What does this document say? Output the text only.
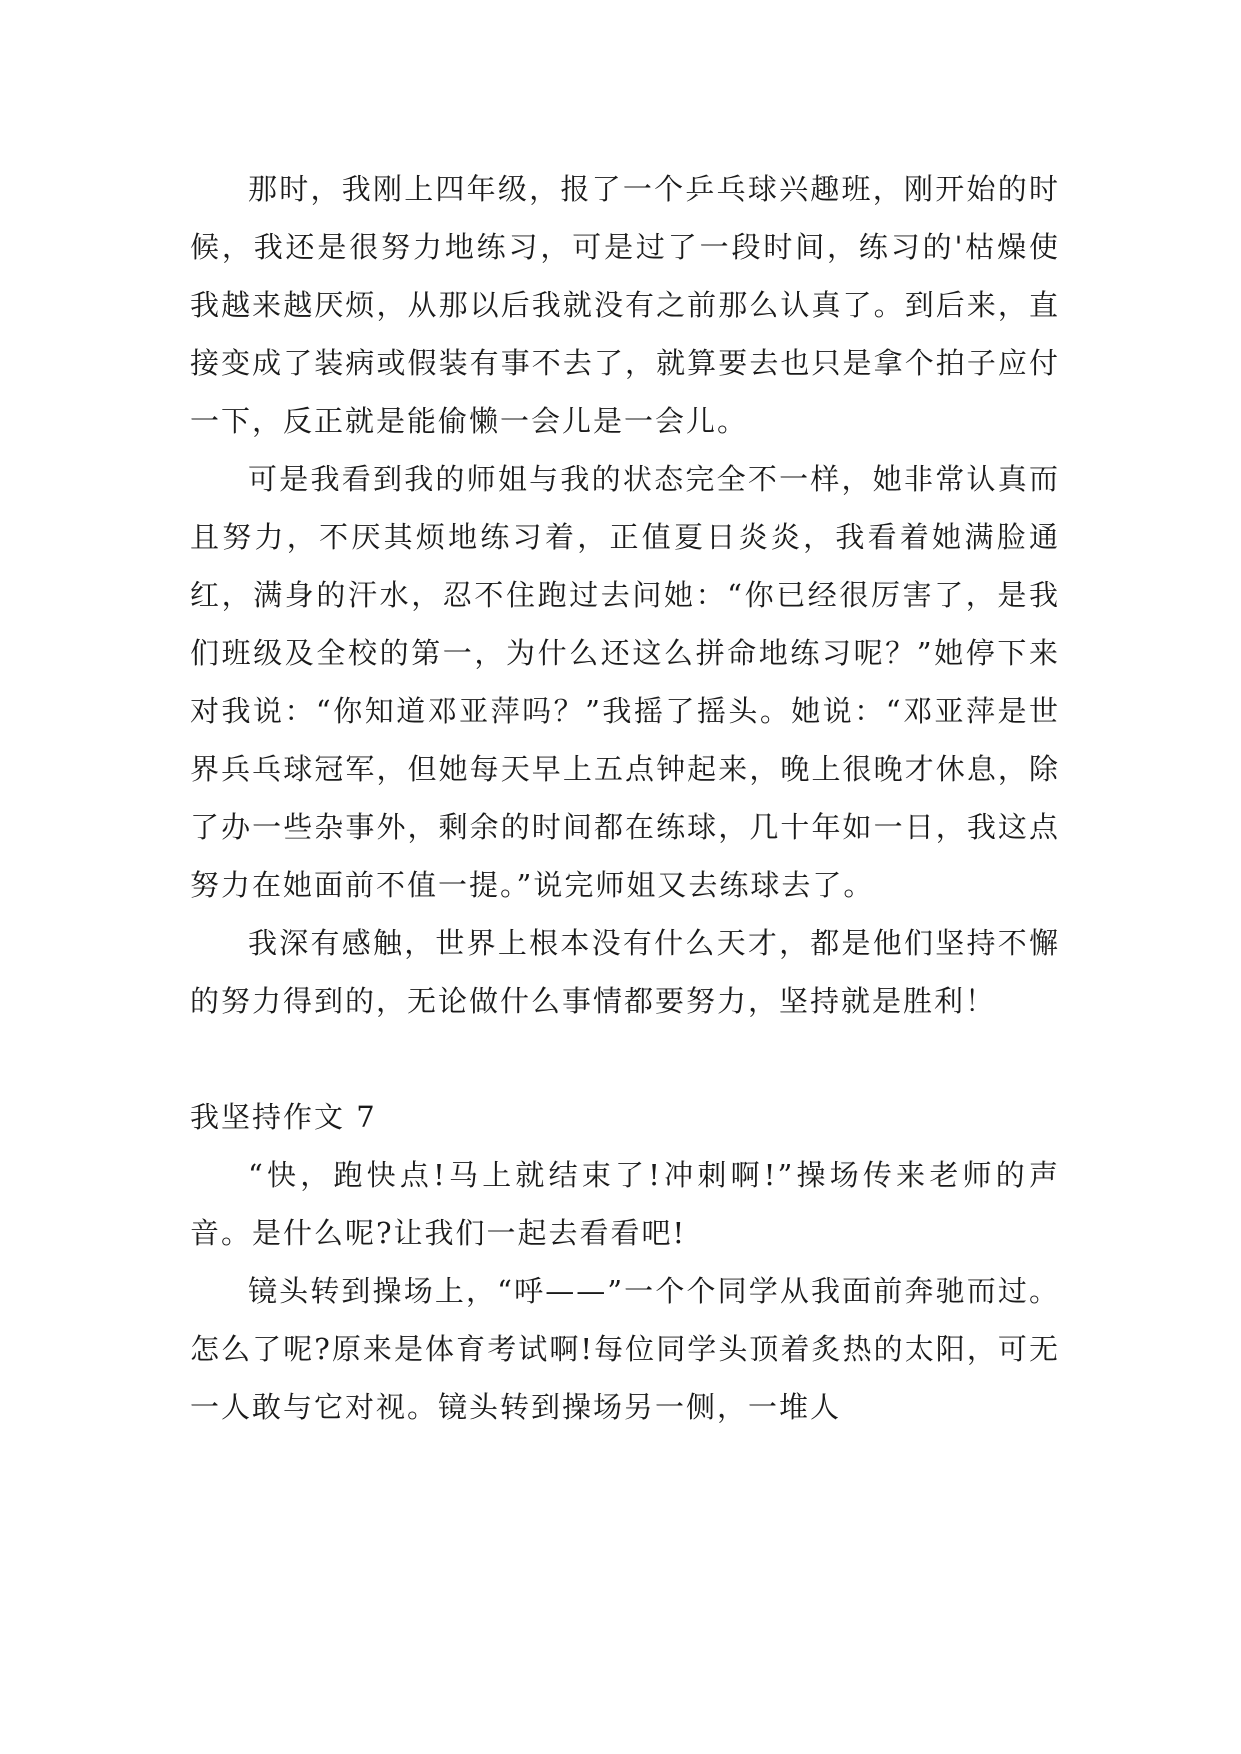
那时，我刚上四年级，报了一个乒乓球兴趣班，刚开始的时候，我还是很努力地练习，可是过了一段时间，练习的'枯燥使我越来越厌烦，从那以后我就没有之前那么认真了。到后来，直接变成了装病或假装有事不去了，就算要去也只是拿个拍子应付一下，反正就是能偷懒一会儿是一会儿。

可是我看到我的师姐与我的状态完全不一样，她非常认真而且努力，不厌其烦地练习着，正值夏日炎炎，我看着她满脸通红，满身的汗水，忍不住跑过去问她：“你已经很厉害了，是我们班级及全校的第一，为什么还这么拼命地练习呢？”她停下来对我说：“你知道邓亚萍吗？”我摇了摇头。她说：“邓亚萍是世界兵乓球冠军，但她每天早上五点钟起来，晚上很晚才休息，除了办一些杂事外，剩余的时间都在练球，几十年如一日，我这点努力在她面前不值一提。”说完师姐又去练球去了。

我深有感触，世界上根本没有什么天才，都是他们坚持不懈的努力得到的，无论做什么事情都要努力，坚持就是胜利！

我坚持作文 7

“快，跑快点!马上就结束了!冲刺啊!”操场传来老师的声音。是什么呢?让我们一起去看看吧!

镜头转到操场上，“呼——”一个个同学从我面前奔驰而过。怎么了呢?原来是体育考试啊!每位同学头顶着炙热的太阳，可无一人敢与它对视。镜头转到操场另一侧，一堆人
